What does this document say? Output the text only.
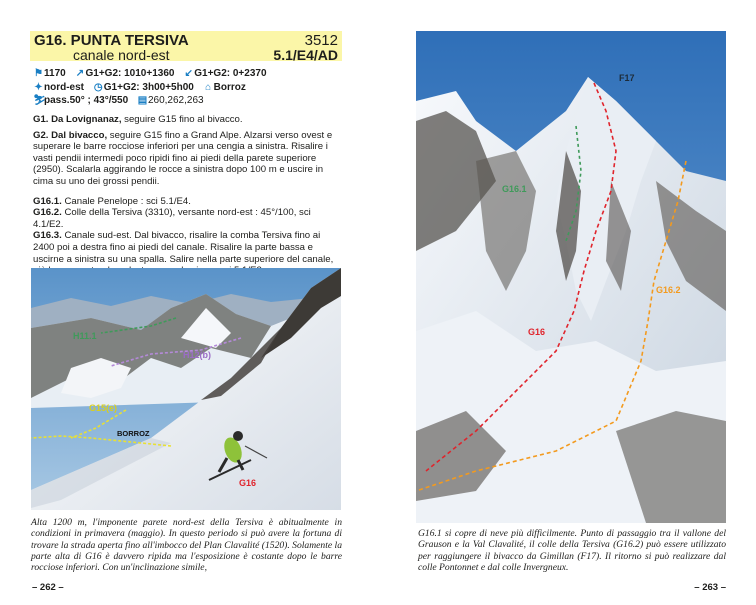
G16. PUNTA TERSIVA	3512
canale nord-est	5.1/E4/AD
⚑1170 ↗G1+G2: 1010+1360 ↙G1+G2: 0+2370
✦nord-est ◷G1+G2: 3h00+5h00 ⌂ Borroz
⛷pass.50° ; 43°/550 ▤260,262,263

G1. Da Lovignanaz, seguire G15 fino al bivacco.

G2. Dal bivacco, seguire G15 fino a Grand Alpe. Alzarsi verso ovest e superare le barre rocciose inferiori per una cengia a sinistra. Risalire i vasti pendii intermedi poco ripidi fino ai piedi della parete superiore (2950). Scalarla aggirando le rocce a sinistra dopo 100 m e uscire in cima su uno dei grossi pendii.

G16.1. Canale Penelope : sci 5.1/E4.
G16.2. Colle della Tersiva (3310), versante nord-est : 45°/100, sci 4.1/E2.
G16.3. Canale sud-est. Dal bivacco, risalire la comba Tersiva fino ai 2400 poi a destra fino ai piedi del canale. Risalire la parte bassa e uscirne a sinistra su una spalla. Salire nella parte superiore del canale,
H11.1
H12(b)
G15(e)
BORROZ
G16
Alta 1200 m, l'imponente parete nord-est della Tersiva è abitualmente in condizioni in primavera (maggio). In questo periodo si può avere la fortuna di trovare la strada aperta fino all'imbocco del Plan Clavalité (1520). Solamente la parte alta di G16 è davvero ripida ma l'esposizione è costante dopo le barre rocciose inferiori. Con un'inclinazione simile,
– 262 –
F17
G16.1
G16.2
G16
G16.1 si copre di neve più difficilmente. Punto di passaggio tra il vallone del Grauson e la Val Clavalité, il colle della Tersiva (G16.2) può essere utilizzato per raggiungere il bivacco da Gimillan (F17). Il ritorno si può realizzare dal colle Pontonnet e dal colle Invergneux.
– 263 –
